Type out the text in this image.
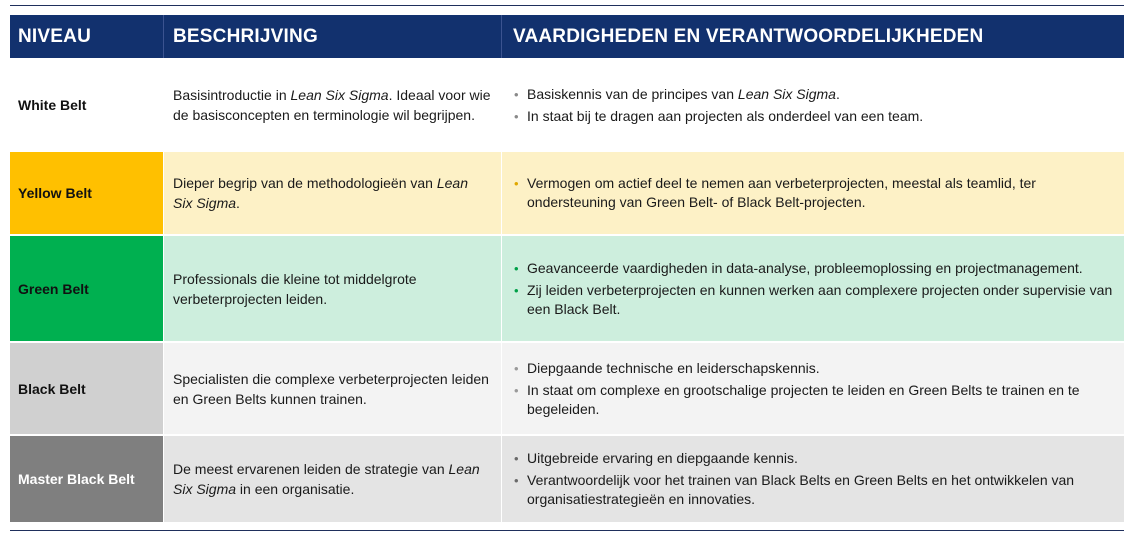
NIVEAU	BESCHRIJVING	VAARDIGHEDEN EN VERANTWOORDELIJKHEDEN
White Belt
Basisintroductie in Lean Six Sigma. Ideaal voor wie de basisconcepten en terminologie wil begrijpen.
• Basiskennis van de principes van Lean Six Sigma.
• In staat bij te dragen aan projecten als onderdeel van een team.
Yellow Belt
Dieper begrip van de methodologieën van Lean Six Sigma.
• Vermogen om actief deel te nemen aan verbeterprojecten, meestal als teamlid, ter ondersteuning van Green Belt- of Black Belt-projecten.
Green Belt
Professionals die kleine tot middelgrote verbeterprojecten leiden.
• Geavanceerde vaardigheden in data-analyse, probleemoplossing en projectmanagement.
• Zij leiden verbeterprojecten en kunnen werken aan complexere projecten onder supervisie van een Black Belt.
Black Belt
Specialisten die complexe verbeterprojecten leiden en Green Belts kunnen trainen.
• Diepgaande technische en leiderschapskennis.
• In staat om complexe en grootschalige projecten te leiden en Green Belts te trainen en te begeleiden.
Master Black Belt
De meest ervarenen leiden de strategie van Lean Six Sigma in een organisatie.
• Uitgebreide ervaring en diepgaande kennis.
• Verantwoordelijk voor het trainen van Black Belts en Green Belts en het ontwikkelen van organisatiestrategieën en innovaties.
